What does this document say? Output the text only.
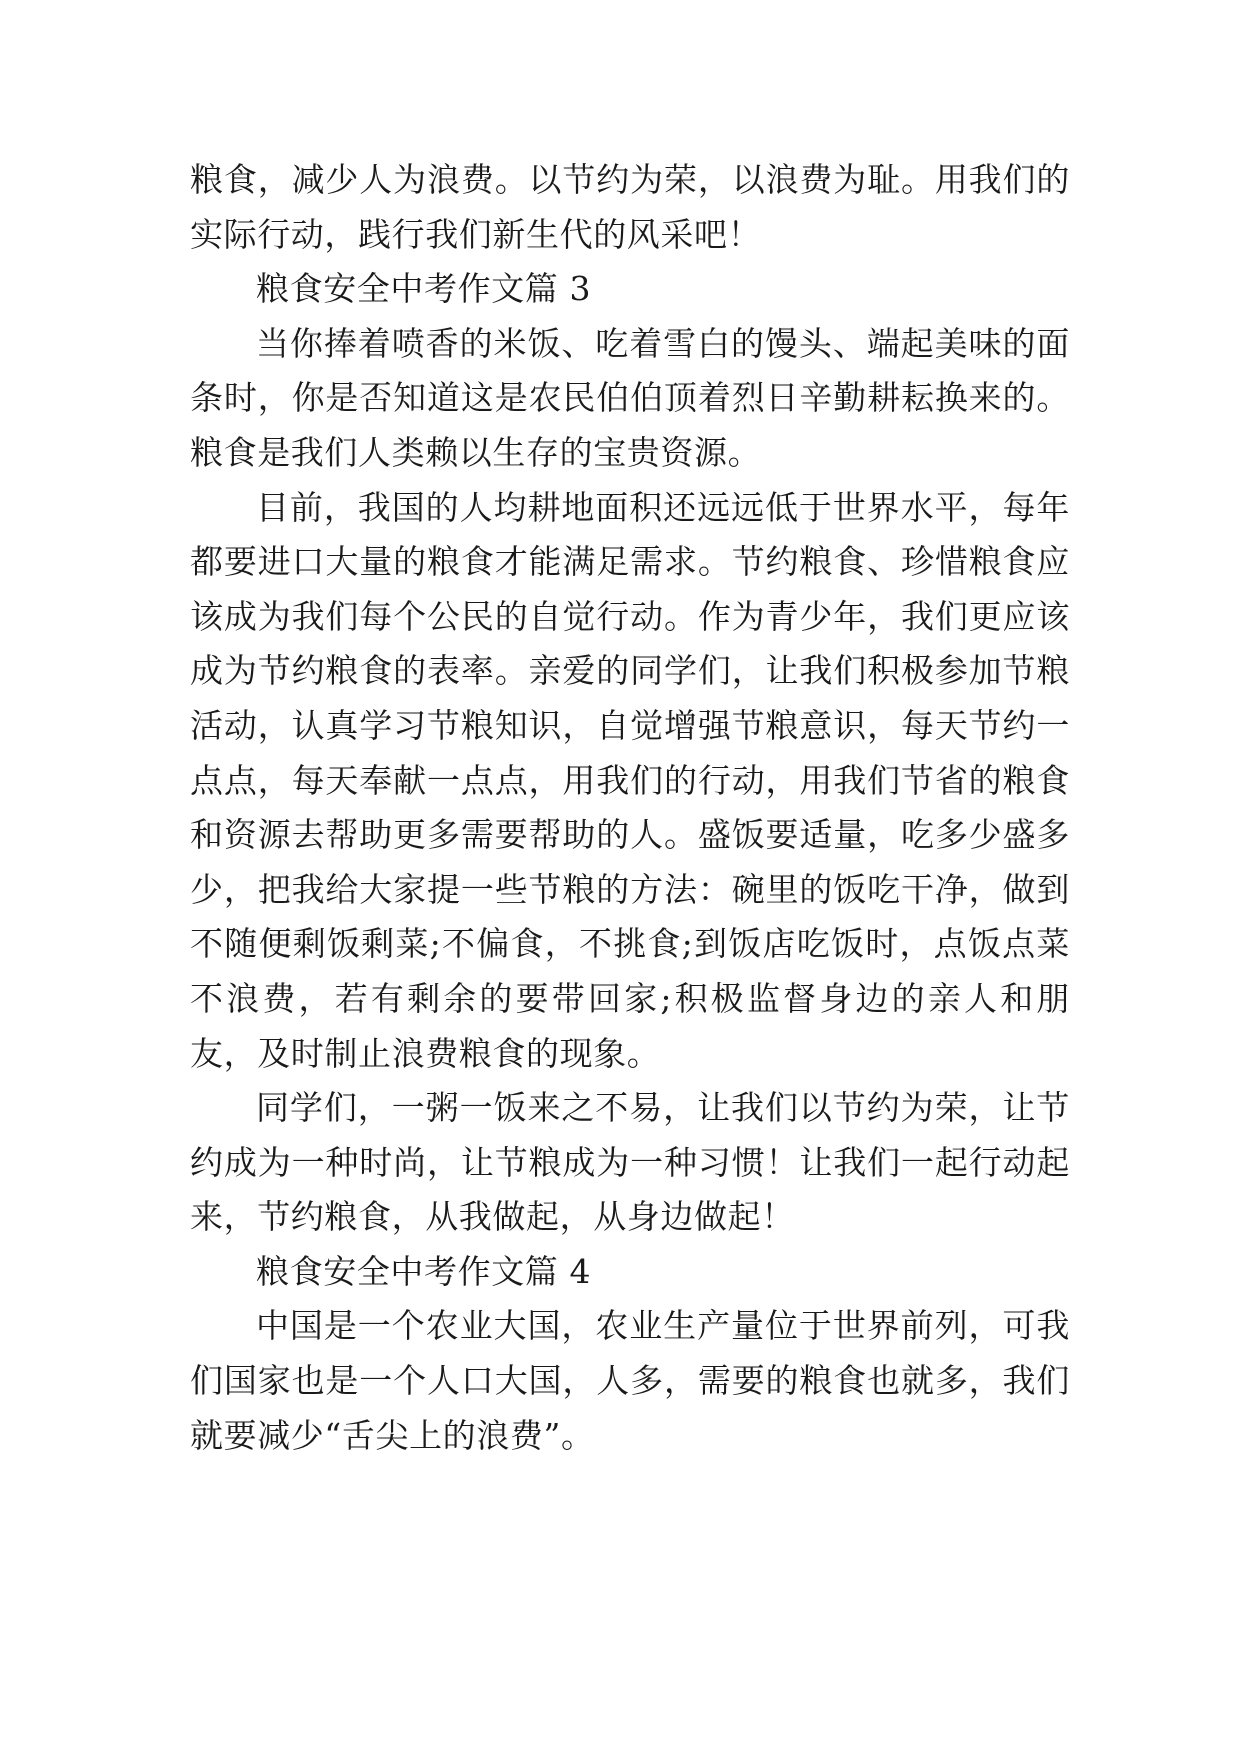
粮食，减少人为浪费。以节约为荣，以浪费为耻。用我们的实际行动，践行我们新生代的风采吧！

粮食安全中考作文篇 3

当你捧着喷香的米饭、吃着雪白的馒头、端起美味的面条时，你是否知道这是农民伯伯顶着烈日辛勤耕耘换来的。粮食是我们人类赖以生存的宝贵资源。

目前，我国的人均耕地面积还远远低于世界水平，每年都要进口大量的粮食才能满足需求。节约粮食、珍惜粮食应该成为我们每个公民的自觉行动。作为青少年，我们更应该成为节约粮食的表率。亲爱的同学们，让我们积极参加节粮活动，认真学习节粮知识，自觉增强节粮意识，每天节约一点点，每天奉献一点点，用我们的行动，用我们节省的粮食和资源去帮助更多需要帮助的人。盛饭要适量，吃多少盛多少，把我给大家提一些节粮的方法：碗里的饭吃干净，做到不随便剩饭剩菜;不偏食，不挑食;到饭店吃饭时，点饭点菜不浪费，若有剩余的要带回家;积极监督身边的亲人和朋友，及时制止浪费粮食的现象。

同学们，一粥一饭来之不易，让我们以节约为荣，让节约成为一种时尚，让节粮成为一种习惯！让我们一起行动起来，节约粮食，从我做起，从身边做起！

粮食安全中考作文篇 4

中国是一个农业大国，农业生产量位于世界前列，可我们国家也是一个人口大国，人多，需要的粮食也就多，我们就要减少“舌尖上的浪费”。
